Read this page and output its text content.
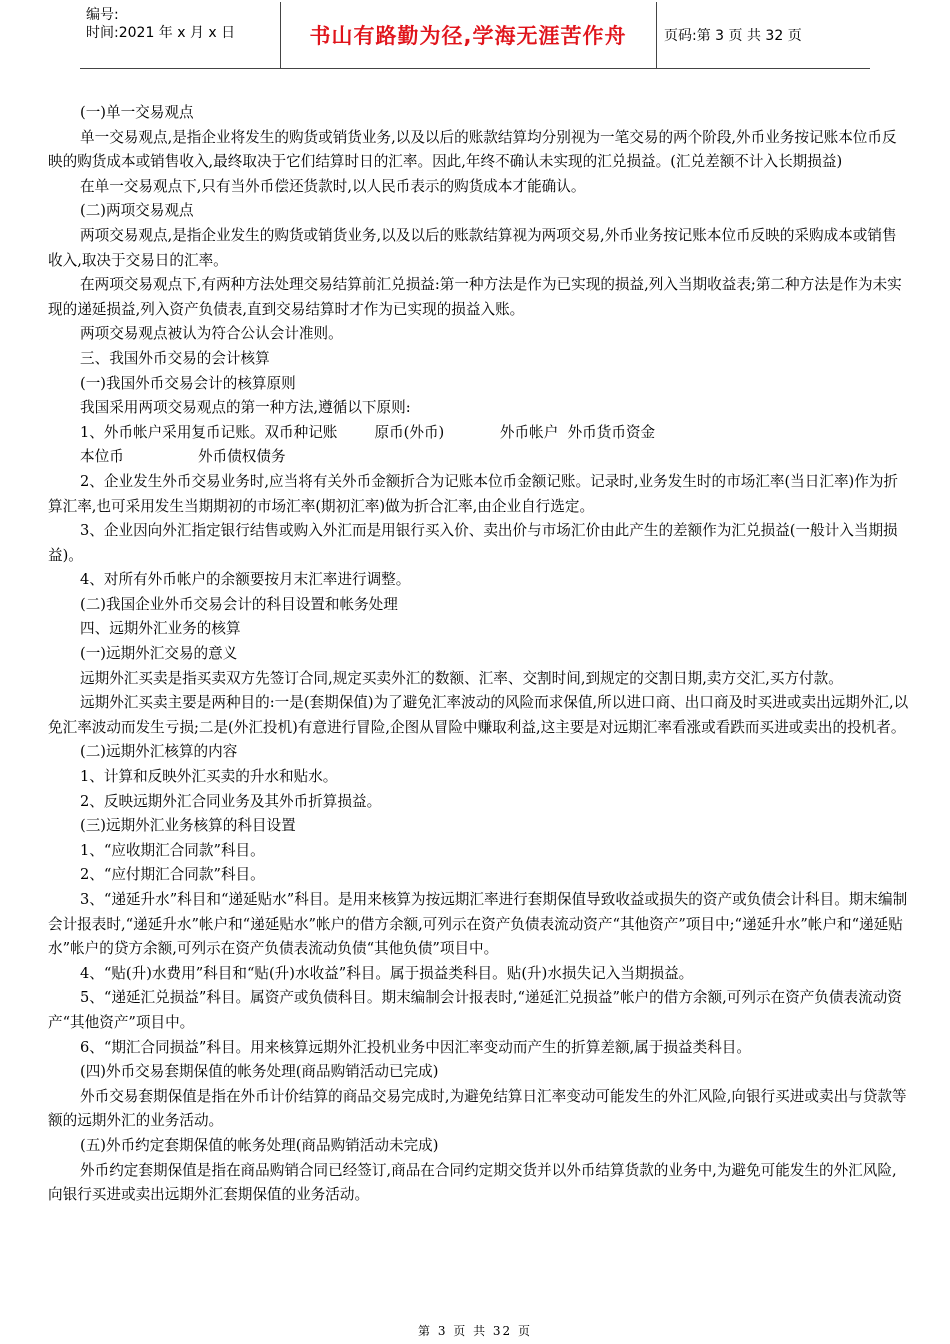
编号:
时间:2021 年 x 月 x 日	书山有路勤为径,学海无涯苦作舟	页码:第 3 页 共 32 页

(一)单一交易观点

单一交易观点,是指企业将发生的购货或销货业务,以及以后的账款结算均分别视为一笔交易的两个阶段,外币业务按记账本位币反映的购货成本或销售收入,最终取决于它们结算时日的汇率。因此,年终不确认未实现的汇兑损益。(汇兑差额不计入长期损益)

在单一交易观点下,只有当外币偿还货款时,以人民币表示的购货成本才能确认。

(二)两项交易观点

两项交易观点,是指企业发生的购货或销货业务,以及以后的账款结算视为两项交易,外币业务按记账本位币反映的采购成本或销售收入,取决于交易日的汇率。

在两项交易观点下,有两种方法处理交易结算前汇兑损益:第一种方法是作为已实现的损益,列入当期收益表;第二种方法是作为未实现的递延损益,列入资产负债表,直到交易结算时才作为已实现的损益入账。

两项交易观点被认为符合公认会计准则。

三、我国外币交易的会计核算

(一)我国外币交易会计的核算原则

我国采用两项交易观点的第一种方法,遵循以下原则:

1、外币帐户采用复币记账。双币种记账        原币(外币)            外币帐户  外币货币资金

本位币                外币债权债务

2、企业发生外币交易业务时,应当将有关外币金额折合为记账本位币金额记账。记录时,业务发生时的市场汇率(当日汇率)作为折算汇率,也可采用发生当期期初的市场汇率(期初汇率)做为折合汇率,由企业自行选定。

3、企业因向外汇指定银行结售或购入外汇而是用银行买入价、卖出价与市场汇价由此产生的差额作为汇兑损益(一般计入当期损益)。

4、对所有外币帐户的余额要按月末汇率进行调整。

(二)我国企业外币交易会计的科目设置和帐务处理

四、远期外汇业务的核算

(一)远期外汇交易的意义

远期外汇买卖是指买卖双方先签订合同,规定买卖外汇的数额、汇率、交割时间,到规定的交割日期,卖方交汇,买方付款。

远期外汇买卖主要是两种目的:一是(套期保值)为了避免汇率波动的风险而求保值,所以进口商、出口商及时买进或卖出远期外汇,以免汇率波动而发生亏损;二是(外汇投机)有意进行冒险,企图从冒险中赚取利益,这主要是对远期汇率看涨或看跌而买进或卖出的投机者。

(二)远期外汇核算的内容

1、计算和反映外汇买卖的升水和贴水。

2、反映远期外汇合同业务及其外币折算损益。

(三)远期外汇业务核算的科目设置

1、“应收期汇合同款”科目。

2、“应付期汇合同款”科目。

3、“递延升水”科目和“递延贴水”科目。是用来核算为按远期汇率进行套期保值导致收益或损失的资产或负债会计科目。期末编制会计报表时,“递延升水”帐户和“递延贴水”帐户的借方余额,可列示在资产负债表流动资产“其他资产”项目中;“递延升水”帐户和“递延贴水”帐户的贷方余额,可列示在资产负债表流动负债“其他负债”项目中。

4、“贴(升)水费用”科目和“贴(升)水收益”科目。属于损益类科目。贴(升)水损失记入当期损益。

5、“递延汇兑损益”科目。属资产或负债科目。期末编制会计报表时,“递延汇兑损益”帐户的借方余额,可列示在资产负债表流动资产“其他资产”项目中。

6、“期汇合同损益”科目。用来核算远期外汇投机业务中因汇率变动而产生的折算差额,属于损益类科目。

(四)外币交易套期保值的帐务处理(商品购销活动已完成)

外币交易套期保值是指在外币计价结算的商品交易完成时,为避免结算日汇率变动可能发生的外汇风险,向银行买进或卖出与贷款等额的远期外汇的业务活动。

(五)外币约定套期保值的帐务处理(商品购销活动未完成)

外币约定套期保值是指在商品购销合同已经签订,商品在合同约定期交货并以外币结算货款的业务中,为避免可能发生的外汇风险,向银行买进或卖出远期外汇套期保值的业务活动。

第 3 页 共 32 页
